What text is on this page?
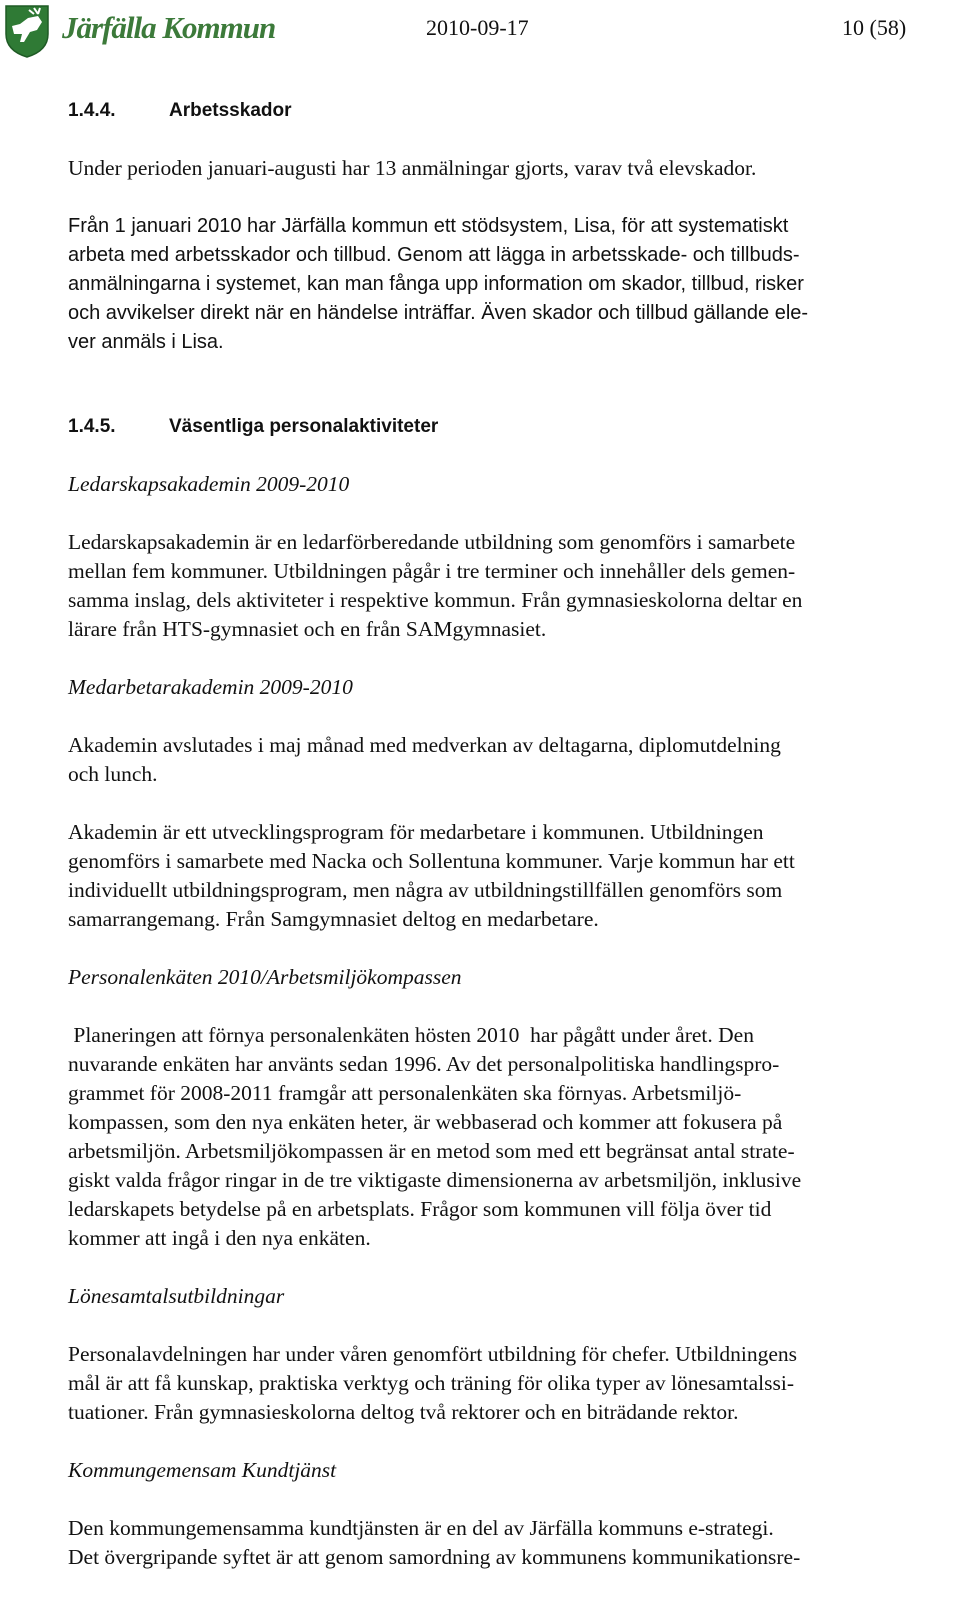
Järfälla Kommun	2010-09-17	10 (58)
1.4.4.	Arbetsskador

Under perioden januari-augusti har 13 anmälningar gjorts, varav två elevskador.

Från 1 januari 2010 har Järfälla kommun ett stödsystem, Lisa, för att systematiskt
arbeta med arbetsskador och tillbud. Genom att lägga in arbetsskade- och tillbuds-
anmälningarna i systemet, kan man fånga upp information om skador, tillbud, risker
och avvikelser direkt när en händelse inträffar. Även skador och tillbud gällande ele-
ver anmäls i Lisa.

1.4.5.	Väsentliga personalaktiviteter

Ledarskapsakademin 2009-2010

Ledarskapsakademin är en ledarförberedande utbildning som genomförs i samarbete
mellan fem kommuner. Utbildningen pågår i tre terminer och innehåller dels gemen-
samma inslag, dels aktiviteter i respektive kommun. Från gymnasieskolorna deltar en
lärare från HTS-gymnasiet och en från SAMgymnasiet.

Medarbetarakademin 2009-2010

Akademin avslutades i maj månad med medverkan av deltagarna, diplomutdelning
och lunch.

Akademin är ett utvecklingsprogram för medarbetare i kommunen. Utbildningen
genomförs i samarbete med Nacka och Sollentuna kommuner. Varje kommun har ett
individuellt utbildningsprogram, men några av utbildningstillfällen genomförs som
samarrangemang. Från Samgymnasiet deltog en medarbetare.

Personalenkäten 2010/Arbetsmiljökompassen

Planeringen att förnya personalenkäten hösten 2010  har pågått under året. Den
nuvarande enkäten har använts sedan 1996. Av det personalpolitiska handlingspro-
grammet för 2008-2011 framgår att personalenkäten ska förnyas. Arbetsmiljö-
kompassen, som den nya enkäten heter, är webbaserad och kommer att fokusera på
arbetsmiljön. Arbetsmiljökompassen är en metod som med ett begränsat antal strate-
giskt valda frågor ringar in de tre viktigaste dimensionerna av arbetsmiljön, inklusive
ledarskapets betydelse på en arbetsplats. Frågor som kommunen vill följa över tid
kommer att ingå i den nya enkäten.

Lönesamtalsutbildningar

Personalavdelningen har under våren genomfört utbildning för chefer. Utbildningens
mål är att få kunskap, praktiska verktyg och träning för olika typer av lönesamtalssi-
tuationer. Från gymnasieskolorna deltog två rektorer och en biträdande rektor.

Kommungemensam Kundtjänst

Den kommungemensamma kundtjänsten är en del av Järfälla kommuns e-strategi.
Det övergripande syftet är att genom samordning av kommunens kommunikationsre-
